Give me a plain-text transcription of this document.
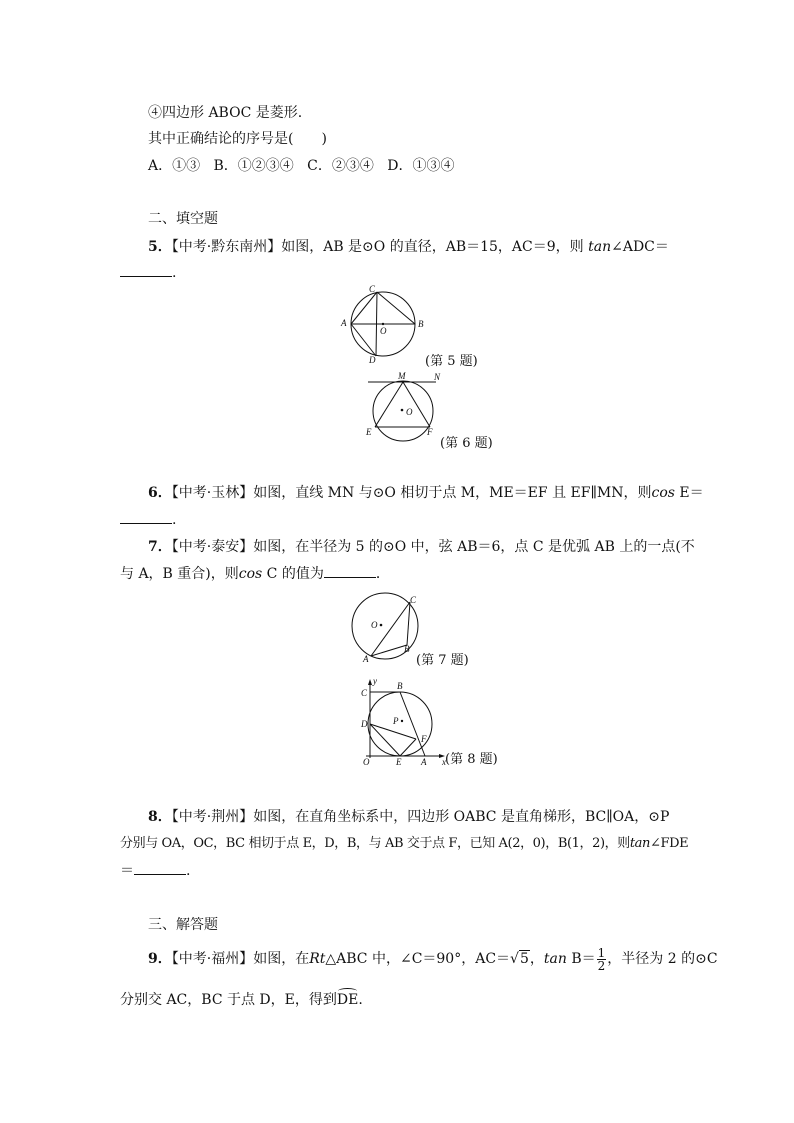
④四边形 ABOC 是菱形.
其中正确结论的序号是(　　)
A．①③ B．①②③④ C．②③④ D．①③④
二、填空题
5．【中考·黔东南州】如图，AB 是⊙O 的直径，AB＝15，AC＝9，则 tan∠ADC＝
.
C
A	B
O
D	(第 5 题)
M	N
O
E	F
(第 6 题)
6．【中考·玉林】如图，直线 MN 与⊙O 相切于点 M，ME＝EF 且 EF∥MN，则cos E＝
.
7．【中考·泰安】如图，在半径为 5 的⊙O 中，弦 AB＝6，点 C 是优弧 AB 上的一点(不
与 A，B 重合)，则cos C 的值为	．
C
O
B
A	(第 7 题)
y
C
B
D	P
F
O	E A x (第 8 题)
8．【中考·荆州】如图，在直角坐标系中，四边形 OABC 是直角梯形，BC∥OA，⊙P
分别与 OA，OC，BC 相切于点 E，D，B，与 AB 交于点 F，已知 A(2，0)，B(1，2)，则tan∠FDE
＝	.
三、解答题
9．【中考·福州】如图，在Rt△ABC 中，∠C＝90°，AC＝√5，$\tan B= \frac{1}{2}$ ，半径为 2 的⊙C
分别交 AC，BC 于点 D，E，得到
DE.
